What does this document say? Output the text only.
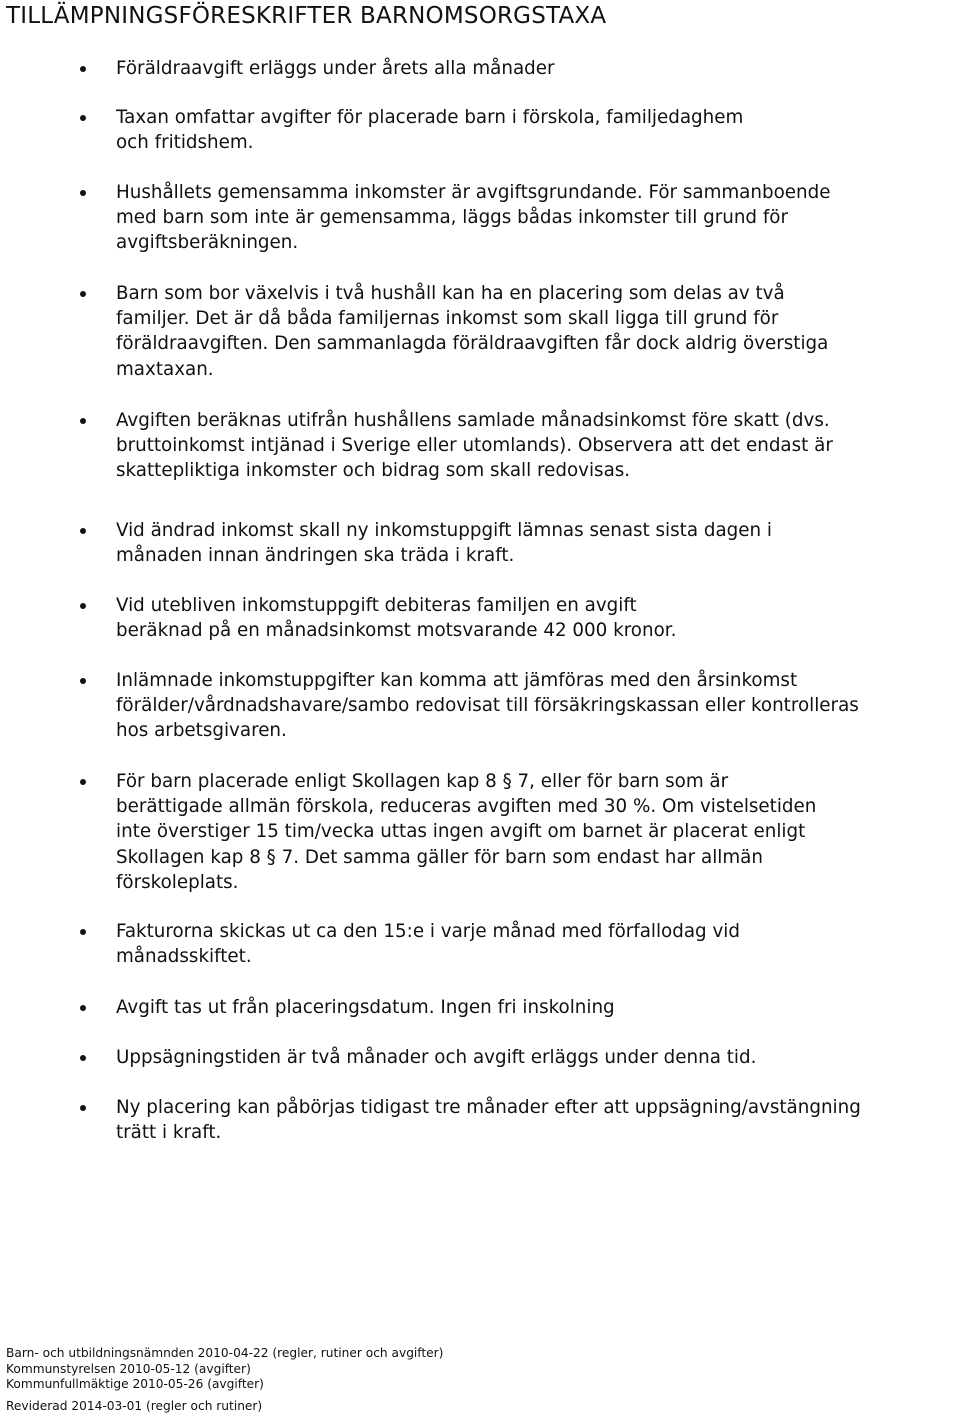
TILLÄMPNINGSFÖRESKRIFTER BARNOMSORGSTAXA
Föräldraavgift erläggs under årets alla månader
Taxan omfattar avgifter för placerade barn i förskola, familjedaghem
och fritidshem.
Hushållets gemensamma inkomster är avgiftsgrundande. För sammanboende
med barn som inte är gemensamma, läggs bådas inkomster till grund för
avgiftsberäkningen.
Barn som bor växelvis i två hushåll kan ha en placering som delas av två
familjer. Det är då båda familjernas inkomst som skall ligga till grund för
föräldraavgiften. Den sammanlagda föräldraavgiften får dock aldrig överstiga
maxtaxan.
Avgiften beräknas utifrån hushållens samlade månadsinkomst före skatt (dvs.
bruttoinkomst intjänad i Sverige eller utomlands). Observera att det endast är
skattepliktiga inkomster och bidrag som skall redovisas.
Vid ändrad inkomst skall ny inkomstuppgift lämnas senast sista dagen i
månaden innan ändringen ska träda i kraft.
Vid utebliven inkomstuppgift debiteras familjen en avgift
beräknad på en månadsinkomst motsvarande 42 000 kronor.
Inlämnade inkomstuppgifter kan komma att jämföras med den årsinkomst
förälder/vårdnadshavare/sambo redovisat till försäkringskassan eller kontrolleras
hos arbetsgivaren.
För barn placerade enligt Skollagen kap 8 § 7, eller för barn som är
berättigade allmän förskola, reduceras avgiften med 30 %. Om vistelsetiden
inte överstiger 15 tim/vecka uttas ingen avgift om barnet är placerat enligt
Skollagen kap 8 § 7. Det samma gäller för barn som endast har allmän
förskoleplats.
Fakturorna skickas ut ca den 15:e i varje månad med förfallodag vid
månadsskiftet.
Avgift tas ut från placeringsdatum. Ingen fri inskolning
Uppsägningstiden är två månader och avgift erläggs under denna tid.
Ny placering kan påbörjas tidigast tre månader efter att uppsägning/avstängning
trätt i kraft.
Barn- och utbildningsnämnden 2010-04-22 (regler, rutiner och avgifter)
Kommunstyrelsen 2010-05-12 (avgifter)
Kommunfullmäktige 2010-05-26 (avgifter)
Reviderad 2014-03-01 (regler och rutiner)
